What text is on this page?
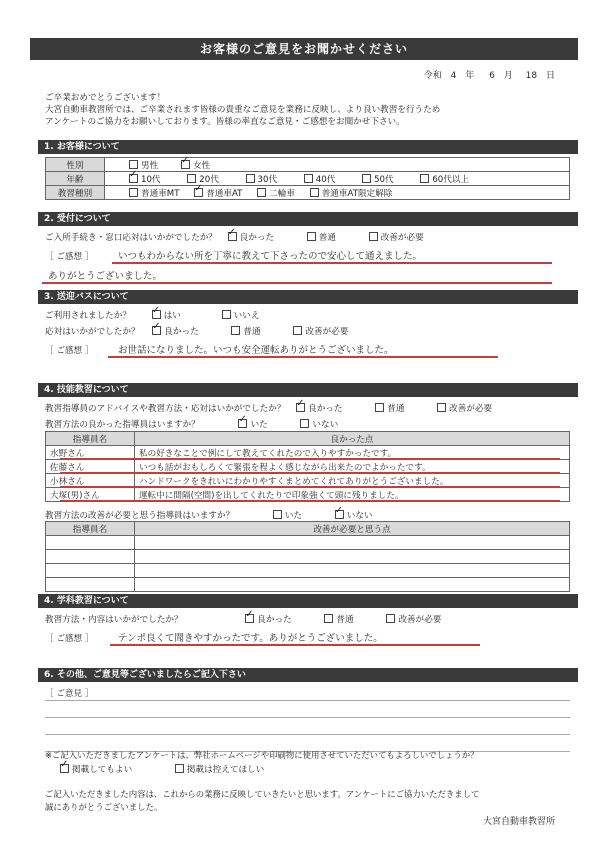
お客様のご意見をお聞かせください
令和 4 年 6 月 18 日
ご卒業おめでとうございます！
大宮自動車教習所では、ご卒業されます皆様の貴重なご意見を業務に反映し、より良い教習を行うため
アンケートのご協力をお願いしております。皆様の率直なご意見・ご感想をお聞かせ下さい。
1. お客様について
性別	男性 ✓ 女性
年齢	✓10代 20代 30代 40代 50代 60代以上
教習種別	普通車MT ✓ 普通車AT 二輪車 普通車AT限定解除
2. 受付について
ご入所手続き・窓口応対はいかがでしたか？ ✓	良かった	普通	改善が必要
［ ご感想 ］	いつもわからない所を丁寧に教えて下さったので安心して通えました。
ありがとうございました。
3. 送迎バスについて
ご利用されましたか？ ✓	はい	いいえ
応対はいかがでしたか？ ✓	良かった	普通	改善が必要
［ ご感想 ］	お世話になりました。いつも安全運転ありがとうございました。
4. 技能教習について
教習指導員のアドバイスや教習方法・応対はいかがでしたか？ ✓	良かった	普通	改善が必要
教習方法の良かった指導員はいますか？ ✓	いた	いない
指導員名	良かった点
水野さん	私の好きなことで例にして教えてくれたので入りやすかったです。
佐藤さん	いつも話がおもしろくて緊張を程よく感じながら出来たのでよかったです。
小林さん	ハンドワークをきれいにわかりやすくまとめてくれてありがとうございました。
大塚(男)さん	運転中に間隔(空間)を出してくれたりで印象強くて頭に残りました。
教習方法の改善が必要と思う指導員はいますか？	いた ✓	いない
指導員名	改善が必要と思う点

4. 学科教習について
教習方法・内容はいかがでしたか？ ✓	良かった	普通	改善が必要
［ ご感想 ］	テンポ良くて聞きやすかったです。ありがとうございました。
6. その他、ご意見等ございましたらご記入下さい
［ ご意見 ］
※ご記入いただきましたアンケートは、弊社ホームページや印刷物に使用させていただいてもよろしいでしょうか？
✓掲載してもよい	掲載は控えてほしい
ご記入いただきました内容は、これからの業務に反映していきたいと思います。アンケートにご協力いただきまして
誠にありがとうございました。
大宮自動車教習所
